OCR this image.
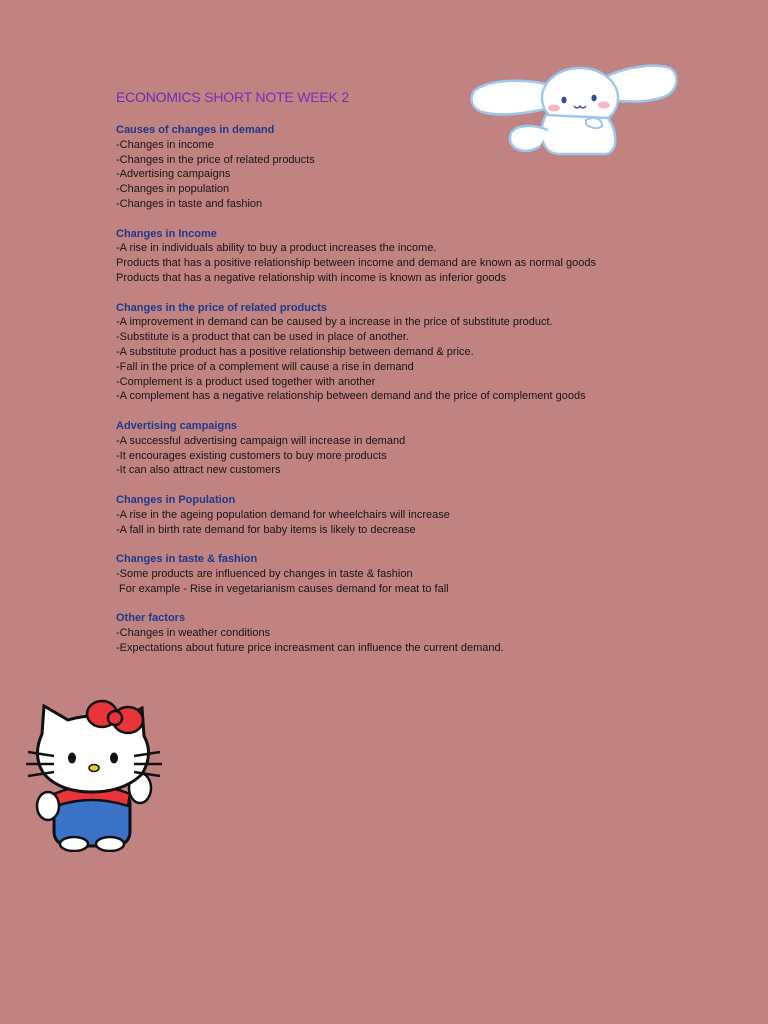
ECONOMICS SHORT NOTE WEEK 2
Causes of changes in demand
-Changes in income
-Changes in the price of related products
-Advertising campaigns
-Changes in population
-Changes in taste and fashion
Changes in Income
-A rise in individuals ability to buy a product increases the income.
Products that has a positive relationship between income and demand are known as normal goods
Products that has a negative relationship with income is known as inferior goods
Changes in the price of related products
-A improvement in demand can be caused by a increase in the price of substitute product.
-Substitute is a product that can be used in place of another.
-A substitute product has a positive relationship between demand & price.
-Fall in the price of a complement will cause a rise in demand
-Complement is a product used together with another
-A complement has a negative relationship between demand and the price of complement goods
Advertising campaigns
-A successful advertising campaign will increase in demand
-It encourages existing customers to buy more products
-It can also attract new customers
Changes in Population
-A rise in the ageing population demand for wheelchairs will increase
-A fall in birth rate demand for baby items is likely to decrease
Changes in taste & fashion
-Some products are influenced by changes in taste & fashion
For example - Rise in vegetarianism causes demand for meat to fall
Other factors
-Changes in weather conditions
-Expectations about future price increasment can influence the current demand.
